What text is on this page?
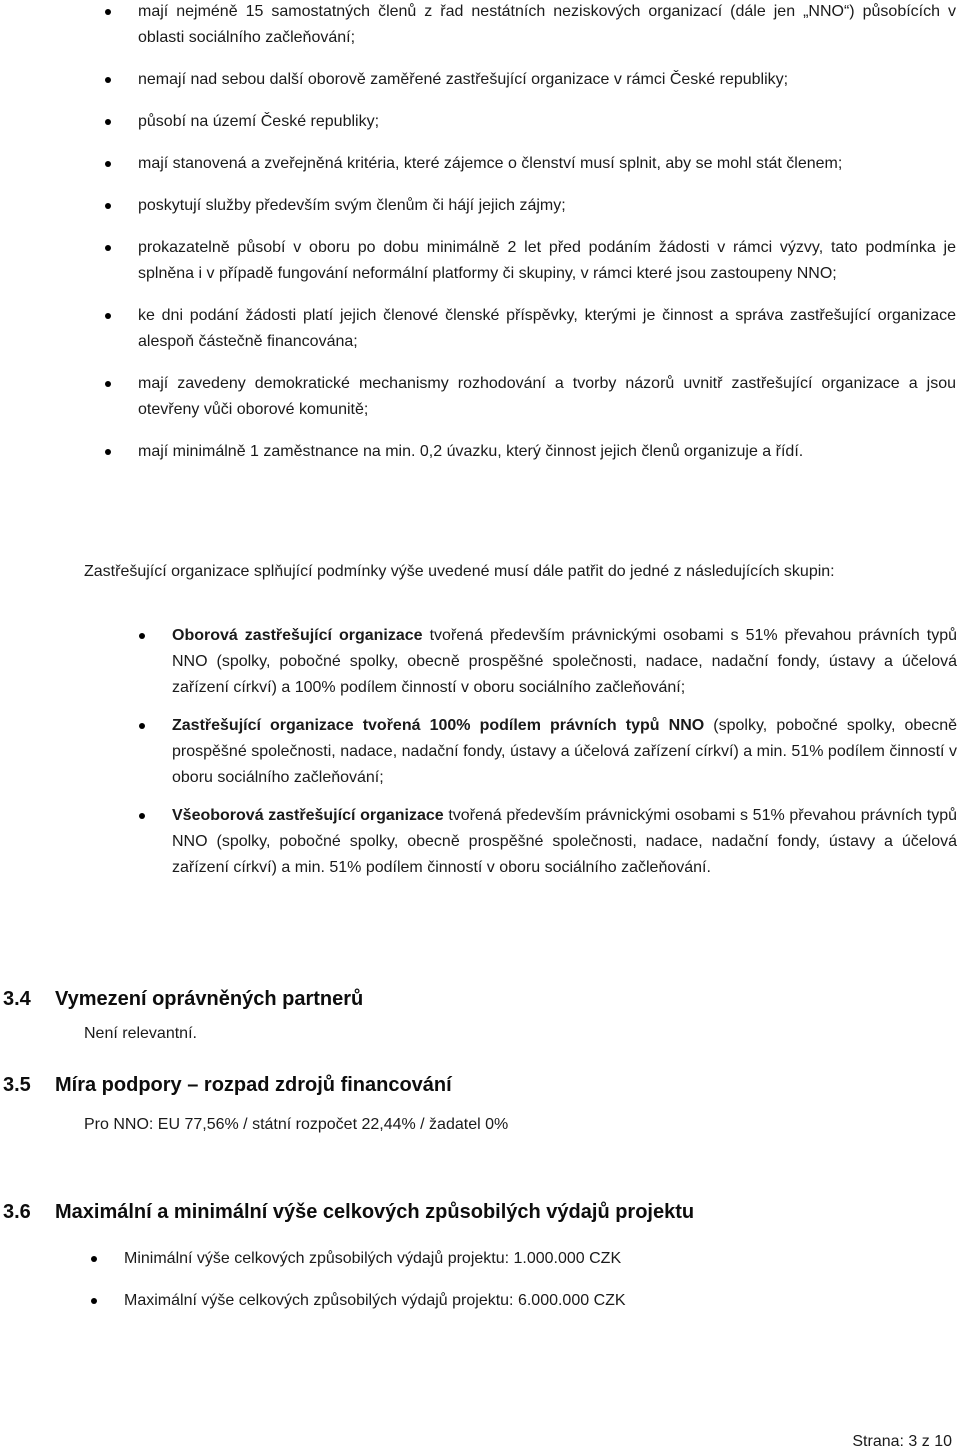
mají nejméně 15 samostatných členů z řad nestátních neziskových organizací (dále jen „NNO“) působících v oblasti sociálního začleňování;
nemají nad sebou další oborově zaměřené zastřešující organizace v rámci České republiky;
působí na území České republiky;
mají stanovená a zveřejněná kritéria, které zájemce o členství musí splnit, aby se mohl stát členem;
poskytují služby především svým členům či hájí jejich zájmy;
prokazatelně působí v oboru po dobu minimálně 2 let před podáním žádosti v rámci výzvy, tato podmínka je splněna i v případě fungování neformální platformy či skupiny, v rámci které jsou zastoupeny NNO;
ke dni podání žádosti platí jejich členové členské příspěvky, kterými je činnost a správa zastřešující organizace alespoň částečně financována;
mají zavedeny demokratické mechanismy rozhodování a tvorby názorů uvnitř zastřešující organizace a jsou otevřeny vůči oborové komunitě;
mají minimálně 1 zaměstnance na min. 0,2 úvazku, který činnost jejich členů organizuje a řídí.

Zastřešující organizace splňující podmínky výše uvedené musí dále patřit do jedné z následujících skupin:

Oborová zastřešující organizace tvořená především právnickými osobami s 51% převahou právních typů NNO (spolky, pobočné spolky, obecně prospěšné společnosti, nadace, nadační fondy, ústavy a účelová zařízení církví) a 100% podílem činností v oboru sociálního začleňování;
Zastřešující organizace tvořená 100% podílem právních typů NNO (spolky, pobočné spolky, obecně prospěšné společnosti, nadace, nadační fondy, ústavy a účelová zařízení církví) a min. 51% podílem činností v oboru sociálního začleňování;
Všeoborová zastřešující organizace tvořená především právnickými osobami s 51% převahou právních typů NNO (spolky, pobočné spolky, obecně prospěšné společnosti, nadace, nadační fondy, ústavy a účelová zařízení církví) a min. 51% podílem činností v oboru sociálního začleňování.
3.4 Vymezení oprávněných partnerů

Není relevantní.

3.5 Míra podpory – rozpad zdrojů financování

Pro NNO: EU 77,56% / státní rozpočet 22,44% / žadatel 0%

3.6 Maximální a minimální výše celkových způsobilých výdajů projektu
Minimální výše celkových způsobilých výdajů projektu: 1.000.000 CZK
Maximální výše celkových způsobilých výdajů projektu: 6.000.000 CZK

Strana: 3 z 10
